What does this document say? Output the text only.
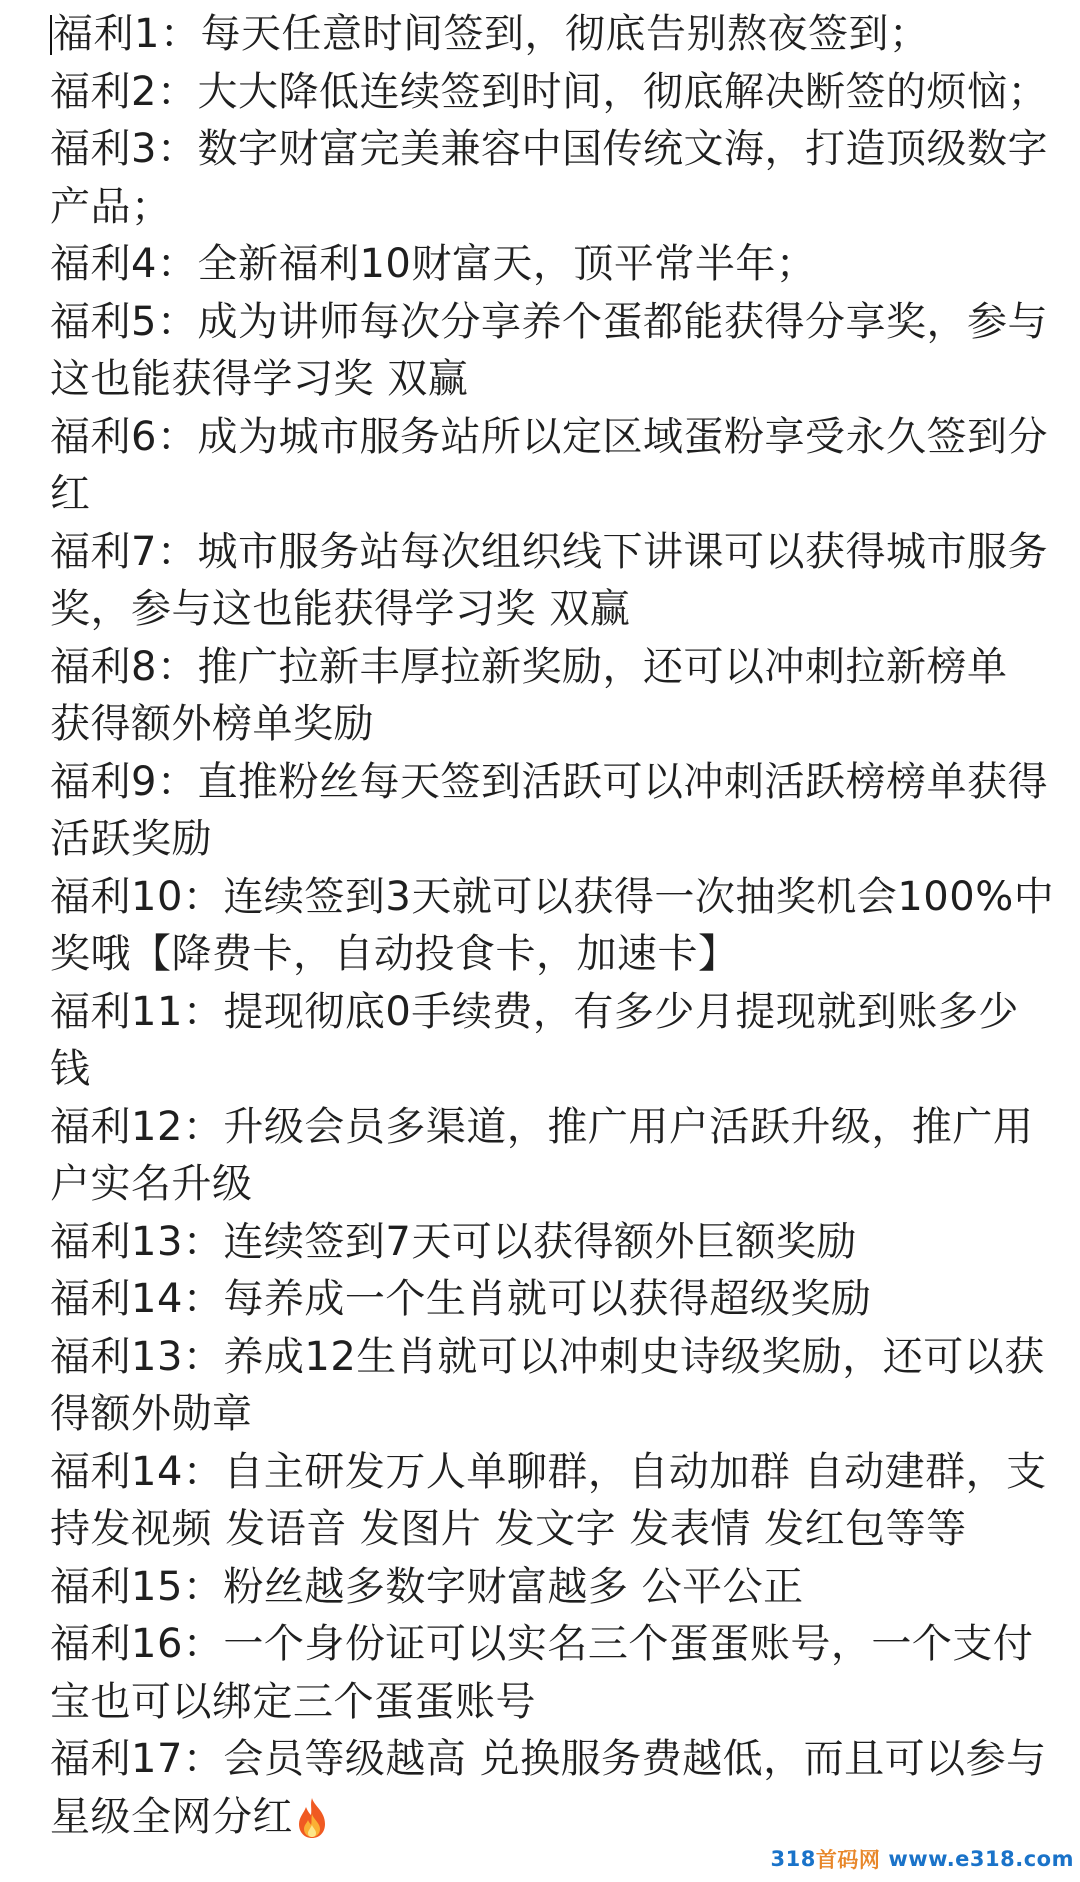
福利1：每天任意时间签到，彻底告别熬夜签到；
福利2：大大降低连续签到时间，彻底解决断签的烦恼；
福利3：数字财富完美兼容中国传统文海，打造顶级数字
产品；
福利4：全新福利10财富天，顶平常半年；
福利5：成为讲师每次分享养个蛋都能获得分享奖，参与
这也能获得学习奖 双赢
福利6：成为城市服务站所以定区域蛋粉享受永久签到分
红
福利7：城市服务站每次组织线下讲课可以获得城市服务
奖，参与这也能获得学习奖 双赢
福利8：推广拉新丰厚拉新奖励，还可以冲刺拉新榜单
获得额外榜单奖励
福利9：直推粉丝每天签到活跃可以冲刺活跃榜榜单获得
活跃奖励
福利10：连续签到3天就可以获得一次抽奖机会100%中
奖哦【降费卡，自动投食卡，加速卡】
福利11：提现彻底0手续费，有多少月提现就到账多少
钱
福利12：升级会员多渠道，推广用户活跃升级，推广用
户实名升级
福利13：连续签到7天可以获得额外巨额奖励
福利14：每养成一个生肖就可以获得超级奖励
福利13：养成12生肖就可以冲刺史诗级奖励，还可以获
得额外勋章
福利14：自主研发万人单聊群，自动加群 自动建群，支
持发视频 发语音 发图片 发文字 发表情 发红包等等
福利15：粉丝越多数字财富越多 公平公正
福利16：一个身份证可以实名三个蛋蛋账号，一个支付
宝也可以绑定三个蛋蛋账号
福利17：会员等级越高 兑换服务费越低，而且可以参与
星级全网分红
318 首码网 www.e318.com
